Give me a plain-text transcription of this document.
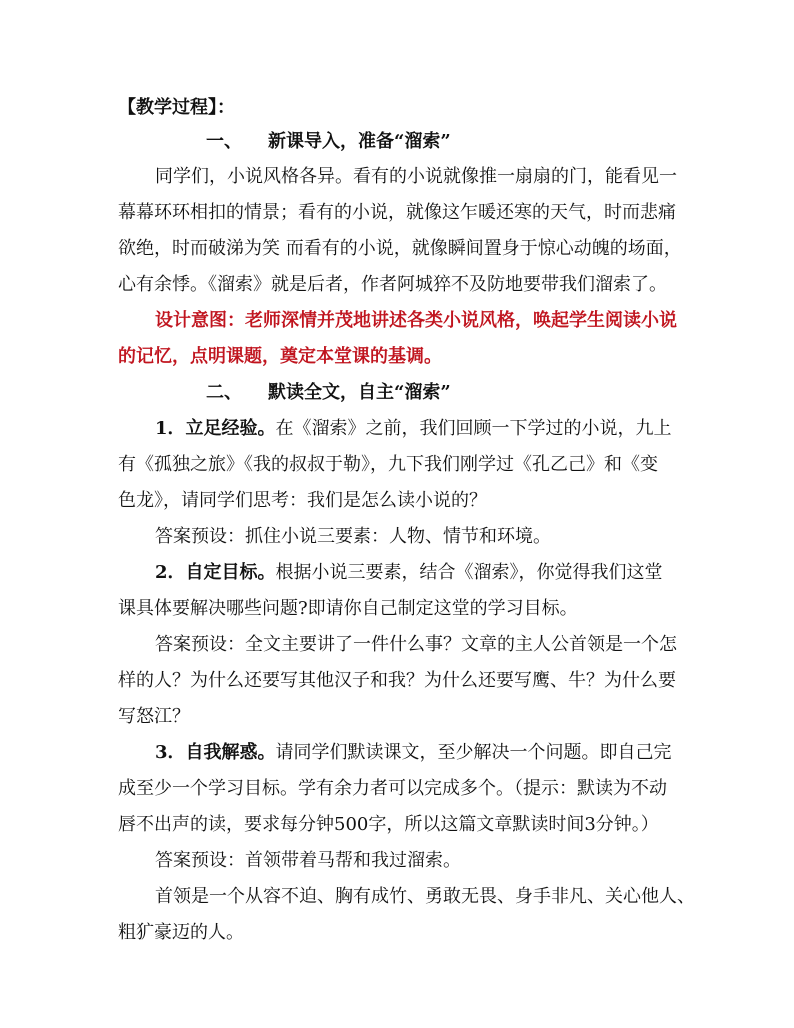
【教学过程】：
一、 新课导入，准备“溜索”
同学们，小说风格各异。看有的小说就像推一扇扇的门，能看见一
幕幕环环相扣的情景；看有的小说，就像这乍暖还寒的天气，时而悲痛
欲绝，时而破涕为笑 而看有的小说，就像瞬间置身于惊心动魄的场面，
心有余悸。《溜索》就是后者，作者阿城猝不及防地要带我们溜索了。
设计意图：老师深情并茂地讲述各类小说风格，唤起学生阅读小说
的记忆，点明课题，奠定本堂课的基调。
二、 默读全文，自主“溜索”
1．立足经验。在《溜索》之前，我们回顾一下学过的小说，九上
有《孤独之旅》《我的叔叔于勒》，九下我们刚学过《孔乙己》和《变
色龙》，请同学们思考：我们是怎么读小说的？
答案预设：抓住小说三要素：人物、情节和环境。
2．自定目标。根据小说三要素，结合《溜索》，你觉得我们这堂
课具体要解决哪些问题?即请你自己制定这堂的学习目标。
答案预设：全文主要讲了一件什么事？文章的主人公首领是一个怎
样的人？为什么还要写其他汉子和我？为什么还要写鹰、牛？为什么要
写怒江？
3．自我解惑。请同学们默读课文，至少解决一个问题。即自己完
成至少一个学习目标。学有余力者可以完成多个。（提示：默读为不动
唇不出声的读，要求每分钟500字，所以这篇文章默读时间3分钟。）
答案预设：首领带着马帮和我过溜索。
首领是一个从容不迫、胸有成竹、勇敢无畏、身手非凡、关心他人、
粗犷豪迈的人。
